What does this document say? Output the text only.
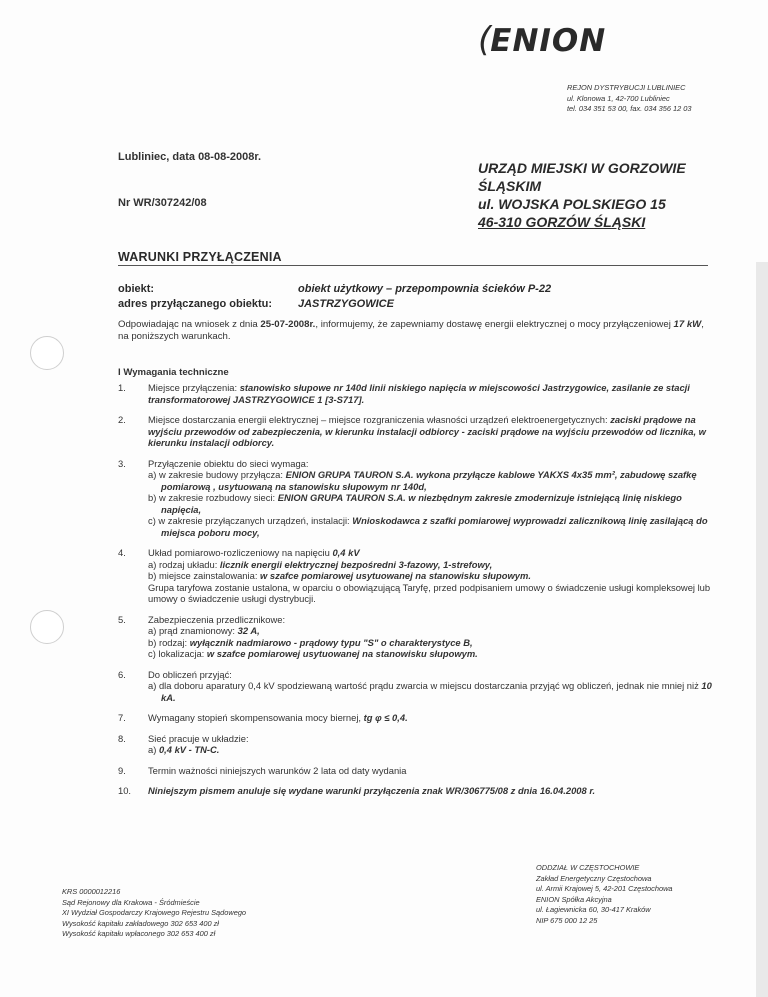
(ENION
REJON DYSTRYBUCJI LUBLINIEC
ul. Klonowa 1, 42-700 Lubliniec
tel. 034 351 53 00, fax. 034 356 12 03
Lubliniec, data 08-08-2008r.
Nr WR/307242/08
URZĄD MIEJSKI W GORZOWIE
ŚLĄSKIM
ul. WOJSKA POLSKIEGO 15
46-310 GORZÓW ŚLĄSKI
WARUNKI PRZYŁĄCZENIA
obiekt:
adres przyłączanego obiektu:
obiekt użytkowy – przepompownia ścieków P-22
JASTRZYGOWICE
Odpowiadając na wniosek z dnia 25-07-2008r., informujemy, że zapewniamy dostawę energii elektrycznej o mocy przyłączeniowej 17 kW, na poniższych warunkach.
I Wymagania techniczne
1. Miejsce przyłączenia: stanowisko słupowe nr 140d linii niskiego napięcia w miejscowości Jastrzygowice, zasilanie ze stacji transformatorowej JASTRZYGOWICE 1 [3-S717].
2. Miejsce dostarczania energii elektrycznej – miejsce rozgraniczenia własności urządzeń elektroenergetycznych: zaciski prądowe na wyjściu przewodów od zabezpieczenia, w kierunku instalacji odbiorcy - zaciski prądowe na wyjściu przewodów od licznika, w kierunku instalacji odbiorcy.
3. Przyłączenie obiektu do sieci wymaga:
a) w zakresie budowy przyłącza: ENION GRUPA TAURON S.A. wykona przyłącze kablowe YAKXS 4x35 mm², zabudowę szafkę pomiarową , usytuowaną na stanowisku słupowym nr 140d,
b) w zakresie rozbudowy sieci: ENION GRUPA TAURON S.A. w niezbędnym zakresie zmodernizuje istniejącą linię niskiego napięcia,
c) w zakresie przyłączanych urządzeń, instalacji: Wnioskodawca z szafki pomiarowej wyprowadzi zalicznikową linię zasilającą do miejsca poboru mocy,
4. Układ pomiarowo-rozliczeniowy na napięciu 0,4 kV
a) rodzaj układu: licznik energii elektrycznej bezpośredni 3-fazowy, 1-strefowy,
b) miejsce zainstalowania: w szafce pomiarowej usytuowanej na stanowisku słupowym.
Grupa taryfowa zostanie ustalona, w oparciu o obowiązującą Taryfę, przed podpisaniem umowy o świadczenie usługi kompleksowej lub umowy o świadczenie usługi dystrybucji.
5. Zabezpieczenia przedlicznikowe:
a) prąd znamionowy: 32 A,
b) rodzaj: wyłącznik nadmiarowo - prądowy typu "S" o charakterystyce B,
c) lokalizacja: w szafce pomiarowej usytuowanej na stanowisku słupowym.
6. Do obliczeń przyjąć:
a) dla doboru aparatury 0,4 kV spodziewaną wartość prądu zwarcia w miejscu dostarczania przyjąć wg obliczeń, jednak nie mniej niż 10 kA.
7. Wymagany stopień skompensowania mocy biernej, tg φ ≤ 0,4.
8. Sieć pracuje w układzie:
a) 0,4 kV - TN-C.
9. Termin ważności niniejszych warunków 2 lata od daty wydania
10. Niniejszym pismem anuluje się wydane warunki przyłączenia znak WR/306775/08 z dnia 16.04.2008 r.
KRS 0000012216
Sąd Rejonowy dla Krakowa - Śródmieście
XI Wydział Gospodarczy Krajowego Rejestru Sądowego
Wysokość kapitału zakładowego 302 653 400 zł
Wysokość kapitału wpłaconego 302 653 400 zł
ODDZIAŁ W CZĘSTOCHOWIE
Zakład Energetyczny Częstochowa
ul. Armii Krajowej 5, 42-201 Częstochowa
ENION Spółka Akcyjna
ul. Łagiewnicka 60, 30-417 Kraków
NIP 675 000 12 25
